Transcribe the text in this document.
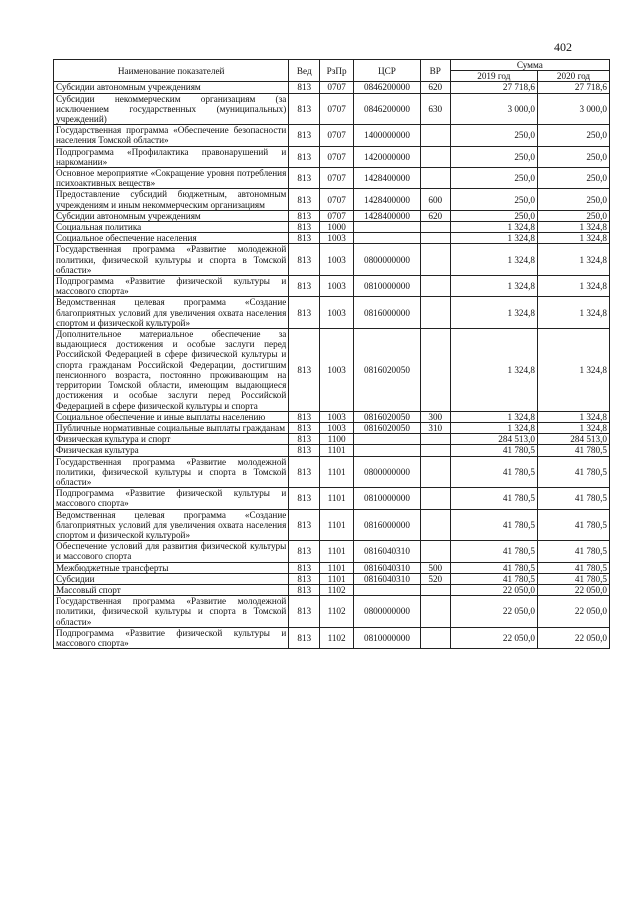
402
Наименование показателей	Вед	РзПр	ЦСР	ВР	Сумма	
					2019 год	2020 год
Субсидии автономным учреждениям	813	0707	0846200000	620	27 718,6	27 718,6
Субсидии некоммерческим организациям (за исключением государственных (муниципальных) учреждений)	813	0707	0846200000	630	3 000,0	3 000,0
Государственная программа «Обеспечение безопасности населения Томской области»	813	0707	1400000000		250,0	250,0
Подпрограмма «Профилактика правонарушений и наркомании»	813	0707	1420000000		250,0	250,0
Основное мероприятие «Сокращение уровня потребления психоактивных веществ»	813	0707	1428400000		250,0	250,0
Предоставление субсидий бюджетным, автономным учреждениям и иным некоммерческим организациям	813	0707	1428400000	600	250,0	250,0
Субсидии автономным учреждениям	813	0707	1428400000	620	250,0	250,0
Социальная политика	813	1000			1 324,8	1 324,8
Социальное обеспечение населения	813	1003			1 324,8	1 324,8
Государственная программа «Развитие молодежной политики, физической культуры и спорта в Томской области»	813	1003	0800000000		1 324,8	1 324,8
Подпрограмма «Развитие физической культуры и массового спорта»	813	1003	0810000000		1 324,8	1 324,8
Ведомственная целевая программа «Создание благоприятных условий для увеличения охвата населения спортом и физической культурой»	813	1003	0816000000		1 324,8	1 324,8
Дополнительное материальное обеспечение за выдающиеся достижения и особые заслуги перед Российской Федерацией в сфере физической культуры и спорта гражданам Российской Федерации, достигшим пенсионного возраста, постоянно проживающим на территории Томской области, имеющим выдающиеся достижения и особые заслуги перед Российской Федерацией в сфере физической культуры и спорта	813	1003	0816020050		1 324,8	1 324,8
Социальное обеспечение и иные выплаты населению	813	1003	0816020050	300	1 324,8	1 324,8
Публичные нормативные социальные выплаты гражданам	813	1003	0816020050	310	1 324,8	1 324,8
Физическая культура и спорт	813	1100			284 513,0	284 513,0
Физическая культура	813	1101			41 780,5	41 780,5
Государственная программа «Развитие молодежной политики, физической культуры и спорта в Томской области»	813	1101	0800000000		41 780,5	41 780,5
Подпрограмма «Развитие физической культуры и массового спорта»	813	1101	0810000000		41 780,5	41 780,5
Ведомственная целевая программа «Создание благоприятных условий для увеличения охвата населения спортом и физической культурой»	813	1101	0816000000		41 780,5	41 780,5
Обеспечение условий для развития физической культуры и массового спорта	813	1101	0816040310		41 780,5	41 780,5
Межбюджетные трансферты	813	1101	0816040310	500	41 780,5	41 780,5
Субсидии	813	1101	0816040310	520	41 780,5	41 780,5
Массовый спорт	813	1102			22 050,0	22 050,0
Государственная программа «Развитие молодежной политики, физической культуры и спорта в Томской области»	813	1102	0800000000		22 050,0	22 050,0
Подпрограмма «Развитие физической культуры и массового спорта»	813	1102	0810000000		22 050,0	22 050,0
